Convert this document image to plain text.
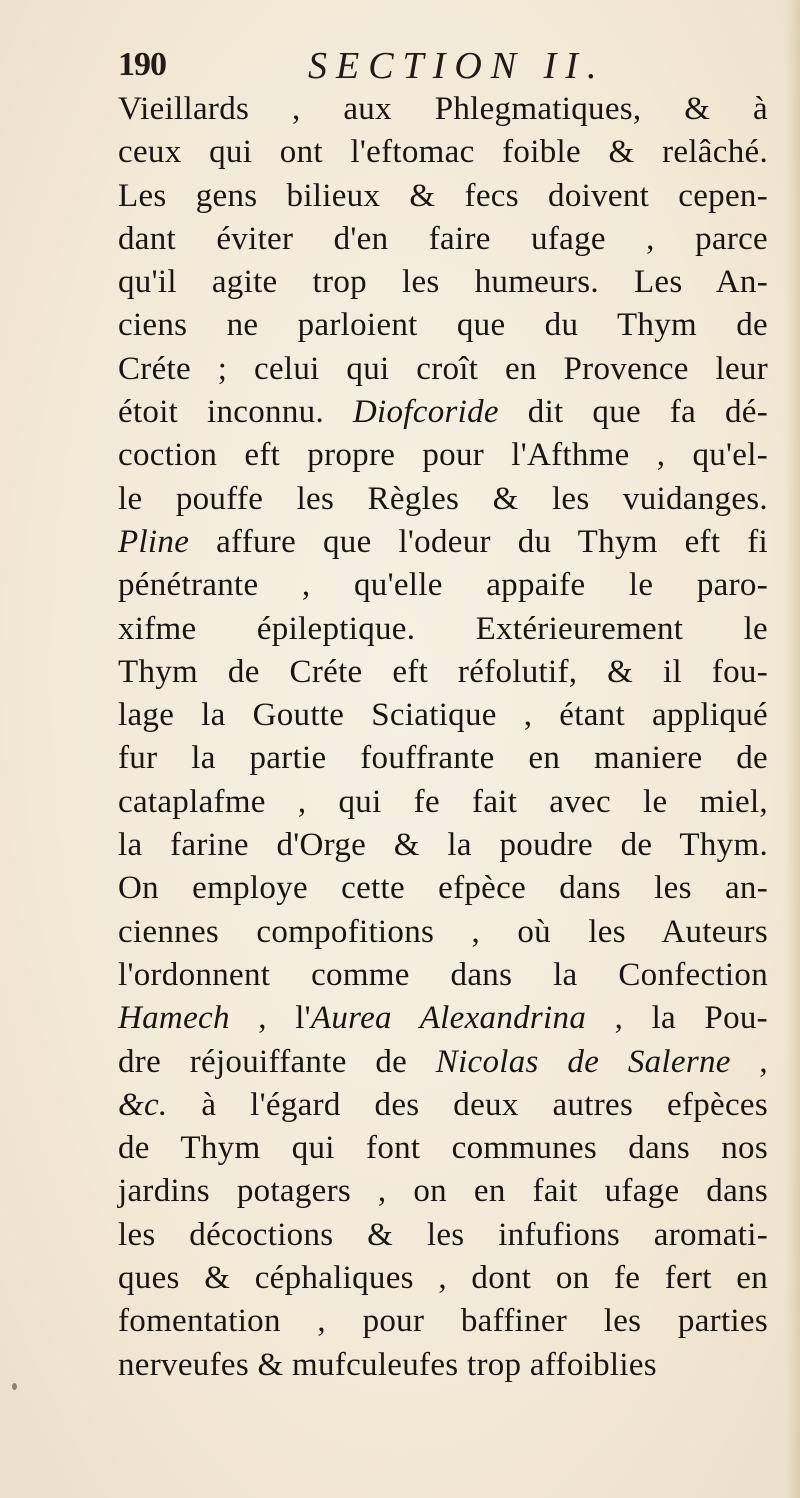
190	SECTION II.
Vieillards , aux Phlegmatiques, & à
ceux qui ont l'eftomac foible & relâché.
Les gens bilieux & fecs doivent cepen-
dant éviter d'en faire ufage , parce
qu'il agite trop les humeurs. Les An-
ciens ne parloient que du Thym de
Créte ; celui qui croît en Provence leur
étoit inconnu. Diofcoride dit que fa dé-
coction eft propre pour l'Afthme , qu'el-
le pouffe les Règles & les vuidanges.
Pline affure que l'odeur du Thym eft fi
pénétrante , qu'elle appaife le paro-
xifme épileptique. Extérieurement le
Thym de Créte eft réfolutif, & il fou-
lage la Goutte Sciatique , étant appliqué
fur la partie fouffrante en maniere de
cataplafme , qui fe fait avec le miel,
la farine d'Orge & la poudre de Thym.
On employe cette efpèce dans les an-
ciennes compofitions , où les Auteurs
l'ordonnent comme dans la Confection
Hamech , l'Aurea Alexandrina , la Pou-
dre réjouiffante de Nicolas de Salerne ,
&c. à l'égard des deux autres efpèces
de Thym qui font communes dans nos
jardins potagers , on en fait ufage dans
les décoctions & les infufions aromati-
ques & céphaliques , dont on fe fert en
fomentation , pour baffiner les parties
nerveufes & mufculeufes trop affoiblies
